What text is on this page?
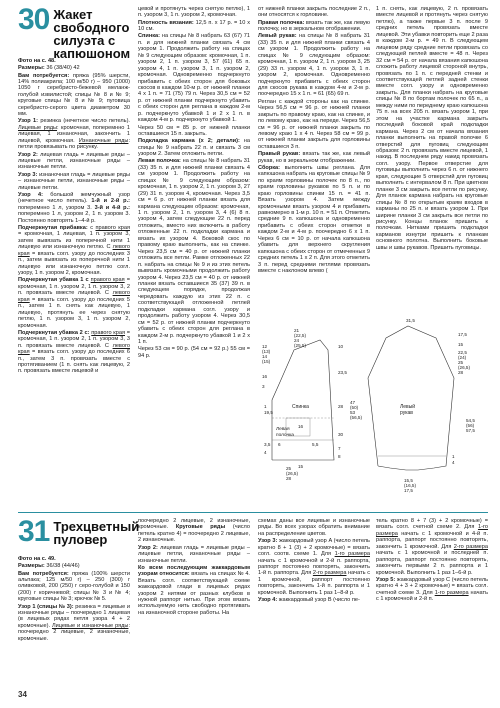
30 Жакет свободного силуэта с капюшоном

Фото на с. 48.

Размеры: 36 (38/40) 42

Вам потребуется: пряжа (95% шерсти, 14% полиакрила; 100 м/50 г) – 950 (1000) 1050 г серебристо-бежевой меланж-голубой извилистой; спицы № 8 и № 9; круговые спицы № 8 и № 9; пуговица серебристо-серого цвета диаметром 30 мм.

Узор 1: резинка (нечетное число петель). Лицевые ряды: кромочная, поперемнно 1 лицевая, 1 изнаночная, закончить 1 лицевой, кромочная. Изнаночные ряды: петли провязывать по рисунку.

Узор 2: лицевая гладь = лицевые ряды – лицевые петли, изнаночные ряды – изнаночные петли.

Узор 3: изнаночная гладь = лицевые ряды – изнаночные петли, изнаночные ряды – лицевые петли.

Узор 4: большой жемчужный узор (нечетное число петель). 1-й и 2-й р.: поперемнно 1 л, узором 3. 3-й и 4-й р.: поперемнно 1 л, узором 2, 1 п. узором 3. Постоянно повторять 1–4-й р.

Подчеркнутая прибавка: с правого края = кромочная, 1 лицевая, 1 п. узором 3, затем вывязать из поперечной нити 1 лицевую или изнаночную петлю. С левого края = вязать согл. узору до последних 3 п., затем вывязать из поперечной нити 1 лицевую или изнаночную петлю согл. узору, 1 п. узором 2, кромочная.

Подчеркнутая убавка 1 с правого края = кромочная, 1 п. узором 2, 1 п. узором 3, 2 п. провязать вместе лицевой. С левого края = вязать согл. узору до последних 5 п., затем 1 п. снять как лицевую, 1 лицевую, протянуть ее через снятую петлю, 1 п. узором 3, 1 п. узором 2, кромочная.

Подчеркнутая убавка 2 с: правого края = кромочная, 1 п. узором 2, 1 п. узором 3, 3 п. провязать вместе лицевой. С левого края = вязать согл. узору до последних 6 п., затем 3 п. провязать вместе с протягиванием (1 п. снять как лицевую, 2 п. провязать вместе лицевой и

цевой и протянуть через снятую петлю), 1 п. узором 3, 1 п. узором 2, кромочная.

Плотность вязания: 12,5 п. x 17 р. = 10 x 10 см.

Спинка: на спицы № 8 набрать 63 (67) 71 п. и для нижней планки связать 4 см узором 1. Продолжить работу на спицах № 9 следующим образом: кромочная, 1 п. узором 2, 1 п. узором 3, 57 (61) 65 п. узором 4, 1 п. узором 3, 1 п. узором 2, кромочная. Одновременно подчеркнуто прибавить с обеих сторон для боковых скосов в каждом 10-м р. от нижней планки 4 x 1 п. = 71 (75) 79 п. Через 30,5 см = 52 р. от нижней планки подчеркнуто убавить с обеих сторон для реглана в каждом 2-м р. подчеркнуто убавкой 1 и 2 x 1 п. в каждом 4-м р. подчеркнуто убавкой 1.

Через 50 см = 85 р. от нижней планки оставшиеся 15 п. закрыть.

Подкладка кармана (x 2; детали): на спицы № 9 набрать 22 п. и связать 3 см узором 2. Затем отложить петли.

Левая полочка: на спицы № 8 набрать 31 (33) 35 п. и для нижней планки связать 4 см узором 1. Продолжить работу на спицах № 9 следующим образом: кромочная, 1 п. узором 2, 1 п. узором 3, 27 (29) 31 п. узором 4, кромочная. Через 3,5 см = 6 р. от нижней планки вязать для кармана следующим образом: кромочная, 1 п. узором 2, 1 п. узором 3, 4 (6) 8 п. узором 4, затем следующие 22 п. перед отложить, вместо них включить в работу отложенные 22 п. подкладки кармана и вязать их узором 4. Боковой скос по правому краю выполнить, как на спинке. Через 23,5 см = 40 р. от нижней планки отложить все петли. Рамке отложенных 22 п. набрать на спицы № 9 и из этих петель вывязать кромочными продолжить работу узором 4. Через 23,5 см = 40 р. от нижней планки вязать оставшиеся 35 (37) 39 п. в следующем порядке, продолжая чередовать каждую из этих 22 п. с соответствующей отложенной петлей подкладки кармана согл. узору и продолжить работу узором 4. Через 30,5 см = 52 р. от нижней планки подчеркнуто убавить с обеих сторон для реглана в каждом 2-м р. подчеркнуто убавкой 1 и 2 x 1 п.

Через 53 см = 90 р. (54 см = 92 р.) 55 см = 94 р.

от нижней планки закрыть последние 2 п., они относятся к горловине.

Правая полочка: вязать так же, как левую полочку, но в зеркальном отображении.

Левый рукав: на спицы № 8 набрать 31 (33) 35 п. и для нижней планки связать 4 см узором 1. Продолжить работу на спицах № 9 следующим образом: кромочная, 1 п. узором 2, 1 п. узором 3, 25 (29) 33 п. узором 4, 1 п. узором 3, 1 п. узором 2, кромочная. Одновременно подчеркнуто прибавить с обеих сторон для скосов рукава в каждом 4-м и 2-м р. поочередно 15 x 1 п. = 61 (65) 69 п.

Реглан с каждой стороны как на спинке. Через 56,5 см = 96 р. от нижней планки закрыть по правому краю, как на спинке, и по левому краю, как на переде. Через 56,5 см = 96 р. от нижней планки закрыть по левому краю 1 x 4 п. Через 58 см = 99 р. от нижней планки закрыть для горловины оставшиеся 3 п.

Правый рукав: вязать так же, как левый рукав, но в зеркальном отображении.

Сборка: выполнить швы реглана. Для капюшона набрать на круговые спицы № 9 по краям горловины полочек по 8 п., по краям горловины рукавов по 5 п. и по краю горловины спинки 15 п. = 41 п. Вязать узором 4. Затем между кромочными вязать узором 4 и прибавить равномерно в 1-м р. 10 п. = 51 п. Отметить средние 9 п. капюшона и одновременно прибавить с обеих сторон отметки в каждом 2-м и 4-м р. поочередно 6 x 1 п. Через 6 см = 10 р. от начала капюшона убавить для верхнего скругления капюшона с обеих сторон от отмеченных 9 средних петель 1 x 2 п. Для этого отметить 3 п. перед средними петлями провязать вместе с наклоном влево (

1 п. снять, как лицевую, 2 п. провязать вместе лицевой и протянуть через снятую петлю), а также первые 3 п. после 9 средних петель провязать вместе лицевой. Эти убавки повторить еще 2 раза в каждом 2-м р. = 49 п. В следующем лицевом ряду средние петли провязать со следующей петлей вместе = 48 п. Через 32 см = 54 р. от начала вязания капюшона сложить работу лицевой стороной внутрь, провязать по 1 п. с передней стенки и соответствующей петлей задней стенки вместе согл. узору и одновременно закрыть. Для планки набрать на круговые спицы № 8 по бортам полочек по 65 п., а между ними по переднему краю капюшона 75 п. на всех 205 п. вязать узором 1, при этом на участке кармана закрыть последний боковой край подкладки кармана. Через 2 см от начала вязания планки выполнить на правой полочке 6 отверстий для пуговиц следующим образом: 2 п. провязать вместе лицевой, 1 накид. В последнем ряду накид провязать согл. узору. Первое отверстие для пуговицы выполнить через 6 п. от нижнего края, следующие 5 отверстий для пуговиц выполнить с интервалом 8 п. При цветном планке 3 см закрыть все петли по рисунку. Для планок кармана набрать на круговые спицы № 8 по открытым краям входов в карманы по 25 п. и вязать узором 1. При ширине планки 3 см закрыть все петли по рисунку. Концы планок пришить к полочкам. Нитками пришить подкладки карманов изнутри пришить к планкам основного полотна. Выполнить боковые швы и швы рукавов. Пришить пуговицы.

Спинка
Левая
полочка
Левый
рукав
21
(22,5)
24
(25,5)	10
23,5
28
30
7
8
25
(26,5)
28
1
19,5
3,5
4
12
(13)
14
(15)
16
3
16
6	5,5
15
31,5
17,5
15
22,5
(24)
25
(26,5)
28
47
(50)
53
(56,5)
1
4
54,5
(56)
57,5
15,5
(16,5)
17,5
31 Трехцветный пуловер

Фото на с. 49.

Размеры: 36/38 (44/46)

Вам потребуется: пряжа (100% шерсти альпака; 125 м/50 г) – 250 (300) г оливковой, 200 (250) г серо-голубой и 150 (200) г коричневой; спицы № 3 и № 4; круговые спицы № 3; крючок № 5.

Узор 1 (спицы № 3): резинка = лицевые и изнаночные ряды – поочередно 1 лицевая (в лицевых рядах петля узора 4 + 2 кромочные). Лицевые и изнаночные ряды: поочередно 2 лицевые, 2 изнаночные, кромочные.

поочередно 2 лицевые, 2 изнаночные, кромочные. Круговые ряды (число петель кратно 4) = поочередно 2 лицевые, 2 изнаночные.

Узор 2: лицевая гладь = лицевые ряды – лицевые петли, изнаночные ряды – изнаночные петли.

Ко всем последующим жаккардовым узорам относится: вязать на спицах № 4. Вязать согл. соответствующей схеме жаккардовой глади в лицевых рядах узором 2 нитями от разных клубков в нужной раппорт нитью. При этом вязать используемую нить свободно протягивать на изнаночной стороне работы. На

схемах даны все лицевые и изнаночные ряды. Во всех узорах обратить внимание на распределение цветов.

Узор 3: жаккардовый узор A (число петель кратно 8 + 1 (3) + 2 кромочные) = вязать согл. соотв. схеме 1. Для 1-го размера начать с 1 кромочной и 2-й п. раппорта, раппорт постоянно повторять, закончить 1-й п. раппорта. Для 2-го размера начать с 1 кромочной, раппорт постоянно повторять, закончить 1-й п. раппорта и 1 кромочной. Выполнить 1 раз 1–8-й р.

Узор 4: жаккардовый узор B (число пе-

тель кратно 8 + 7 (3) + 2 кромочные) = вязать согл. счетной схеме 2. Для 1-го размера начать с 1 кромочной и 4-й п. раппорта, раппорт постоянно повторять, закончить 1 кромочной. Для 2-го размера начать с 1 кромочной и последней п. раппорта, раппорт постоянно повторять, закончить первыми 2 п. раппорта и 1 кромочной. Выполнить 1 раз 1–6-й р.

Узор 5: жаккардовый узор C (число петель кратно 4 + 3 + 2 кромочные) = вязать согл. счетной схеме 3. Для 1-го размера начать с 1 кромочной и 2-й п.

34
